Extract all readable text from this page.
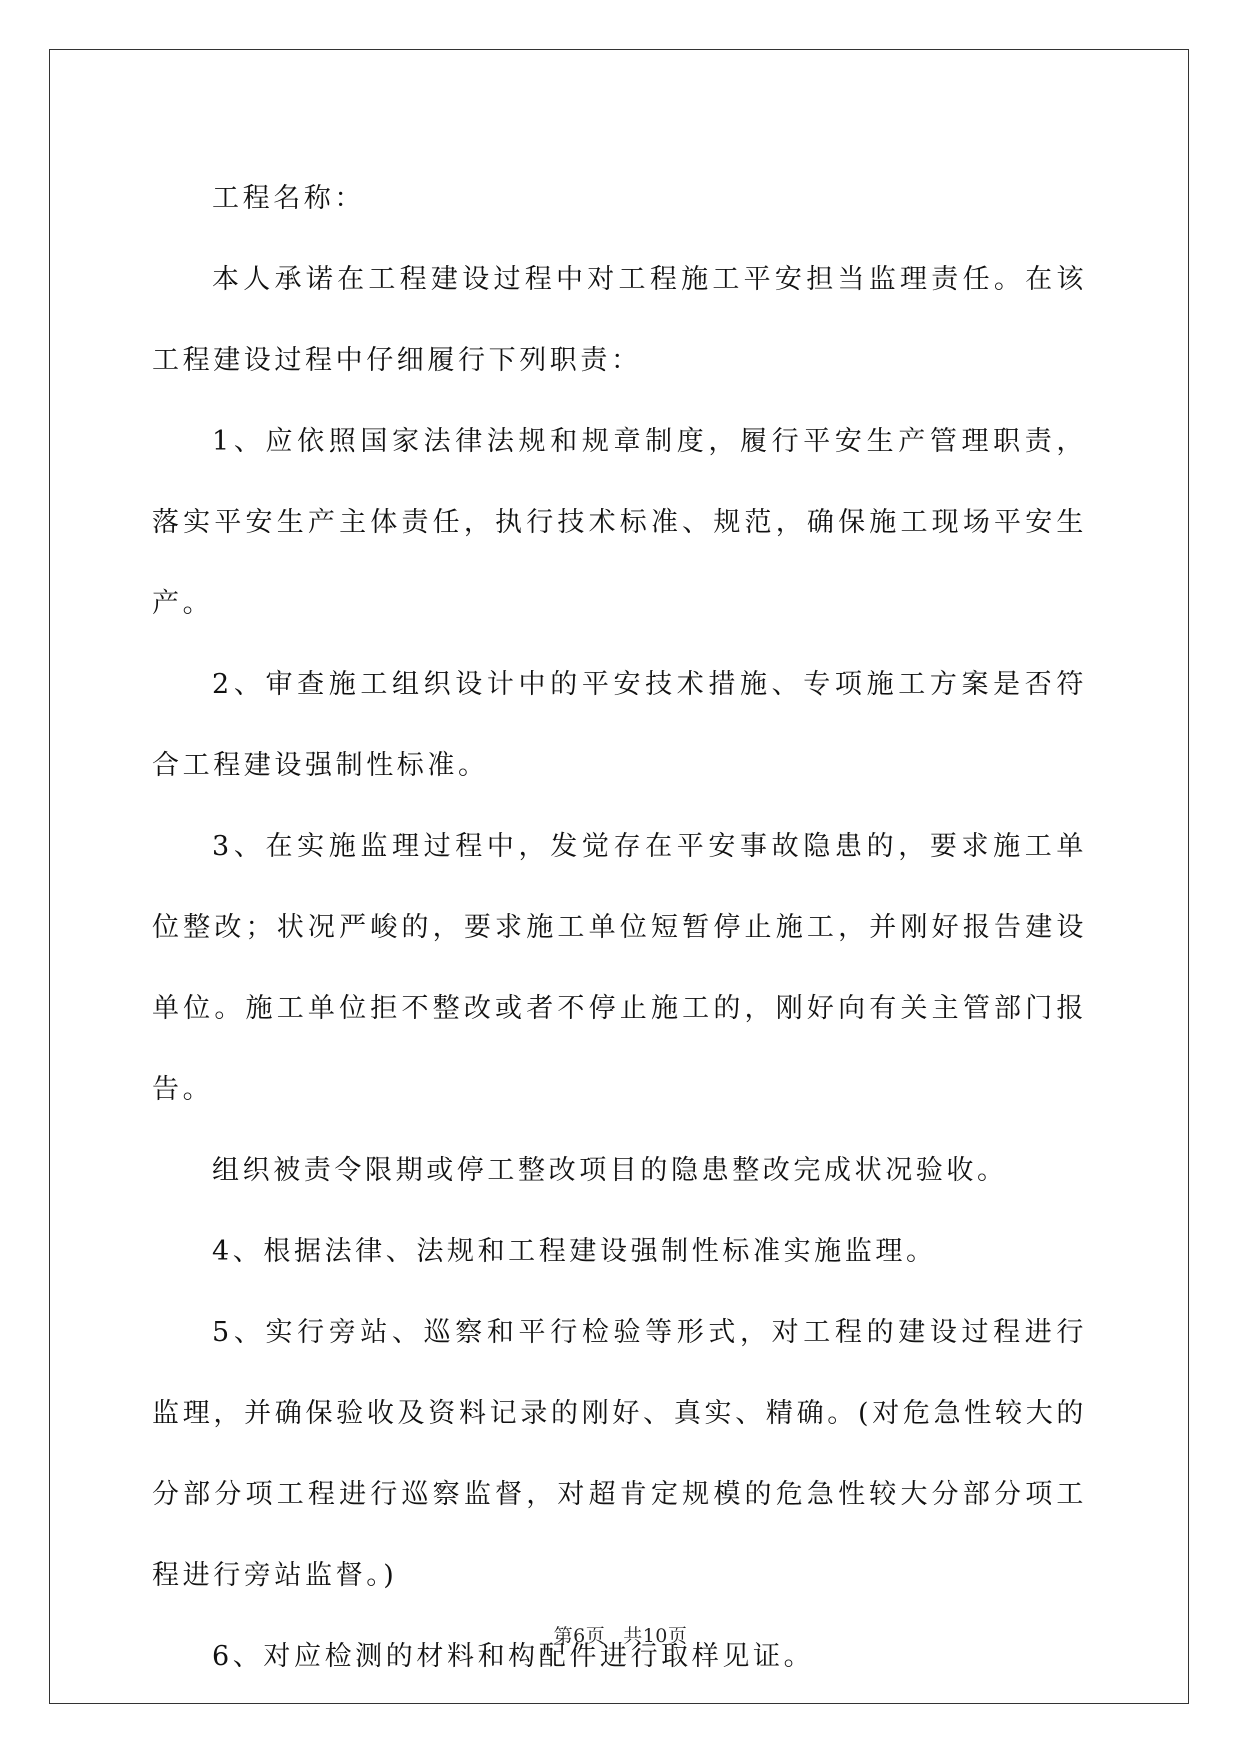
工程名称：

本人承诺在工程建设过程中对工程施工平安担当监理责任。在该工程建设过程中仔细履行下列职责：

1、应依照国家法律法规和规章制度，履行平安生产管理职责，落实平安生产主体责任，执行技术标准、规范，确保施工现场平安生产。

2、审查施工组织设计中的平安技术措施、专项施工方案是否符合工程建设强制性标准。

3、在实施监理过程中，发觉存在平安事故隐患的，要求施工单位整改；状况严峻的，要求施工单位短暂停止施工，并刚好报告建设单位。施工单位拒不整改或者不停止施工的，刚好向有关主管部门报告。

组织被责令限期或停工整改项目的隐患整改完成状况验收。

4、根据法律、法规和工程建设强制性标准实施监理。

5、实行旁站、巡察和平行检验等形式，对工程的建设过程进行监理，并确保验收及资料记录的刚好、真实、精确。(对危急性较大的分部分项工程进行巡察监督，对超肯定规模的危急性较大分部分项工程进行旁站监督。)

6、对应检测的材料和构配件进行取样见证。

第6页 共10页
